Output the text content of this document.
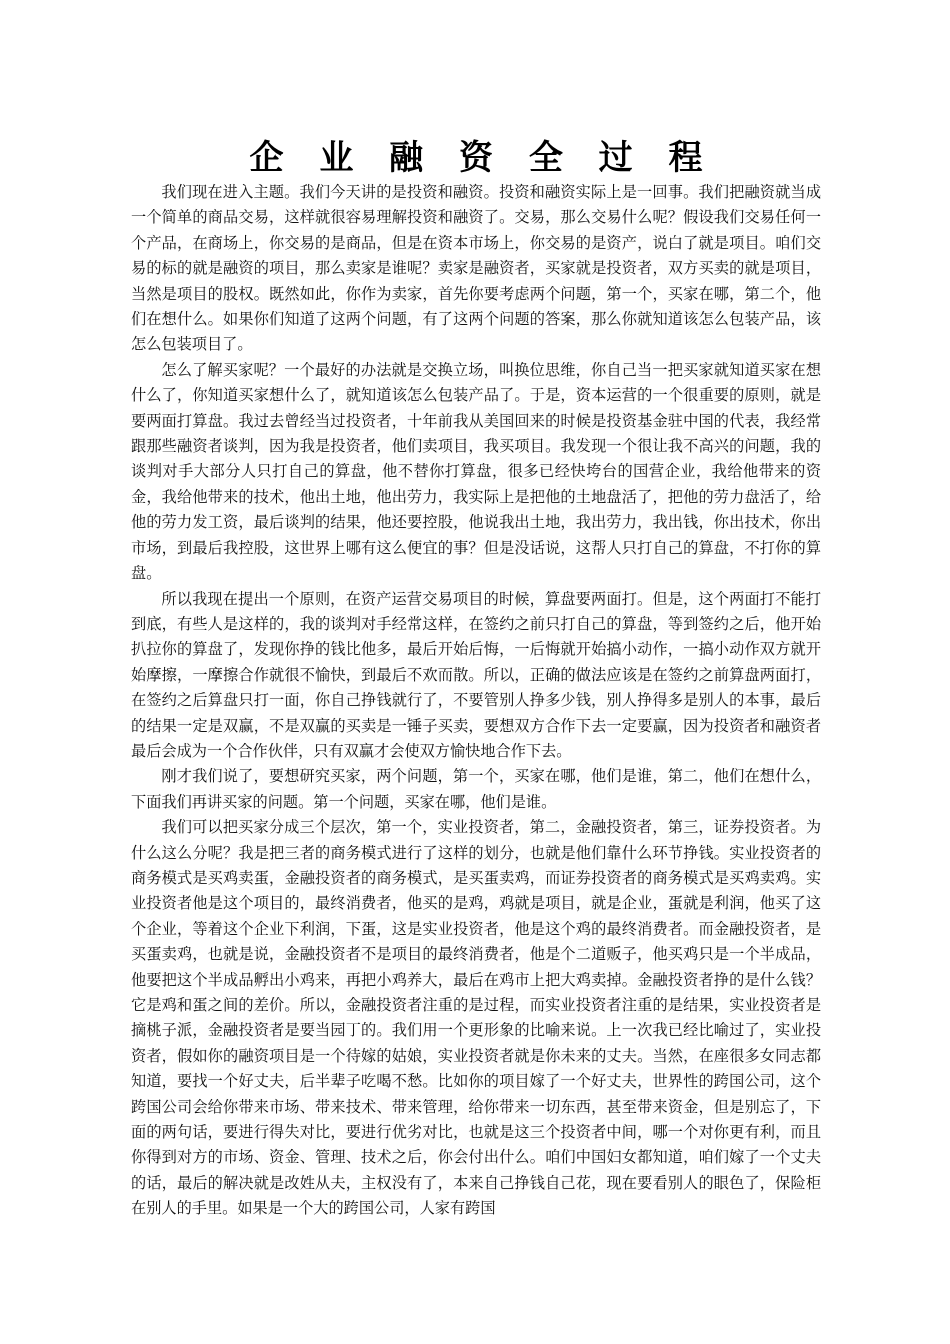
企 业 融 资 全 过 程

我们现在进入主题。我们今天讲的是投资和融资。投资和融资实际上是一回事。我们把融资就当成一个简单的商品交易，这样就很容易理解投资和融资了。交易，那么交易什么呢？假设我们交易任何一个产品，在商场上，你交易的是商品，但是在资本市场上，你交易的是资产，说白了就是项目。咱们交易的标的就是融资的项目，那么卖家是谁呢？卖家是融资者，买家就是投资者，双方买卖的就是项目，当然是项目的股权。既然如此，你作为卖家，首先你要考虑两个问题，第一个，买家在哪，第二个，他们在想什么。如果你们知道了这两个问题，有了这两个问题的答案，那么你就知道该怎么包装产品，该怎么包装项目了。

怎么了解买家呢？一个最好的办法就是交换立场，叫换位思维，你自己当一把买家就知道买家在想什么了，你知道买家想什么了，就知道该怎么包装产品了。于是，资本运营的一个很重要的原则，就是要两面打算盘。我过去曾经当过投资者，十年前我从美国回来的时候是投资基金驻中国的代表，我经常跟那些融资者谈判，因为我是投资者，他们卖项目，我买项目。我发现一个很让我不高兴的问题，我的谈判对手大部分人只打自己的算盘，他不替你打算盘，很多已经快垮台的国营企业，我给他带来的资金，我给他带来的技术，他出土地，他出劳力，我实际上是把他的土地盘活了，把他的劳力盘活了，给他的劳力发工资，最后谈判的结果，他还要控股，他说我出土地，我出劳力，我出钱，你出技术，你出市场，到最后我控股，这世界上哪有这么便宜的事？但是没话说，这帮人只打自己的算盘，不打你的算盘。

所以我现在提出一个原则，在资产运营交易项目的时候，算盘要两面打。但是，这个两面打不能打到底，有些人是这样的，我的谈判对手经常这样，在签约之前只打自己的算盘，等到签约之后，他开始扒拉你的算盘了，发现你挣的钱比他多，最后开始后悔，一后悔就开始搞小动作，一搞小动作双方就开始摩擦，一摩擦合作就很不愉快，到最后不欢而散。所以，正确的做法应该是在签约之前算盘两面打，在签约之后算盘只打一面，你自己挣钱就行了，不要管别人挣多少钱，别人挣得多是别人的本事，最后的结果一定是双赢，不是双赢的买卖是一锤子买卖，要想双方合作下去一定要赢，因为投资者和融资者最后会成为一个合作伙伴，只有双赢才会使双方愉快地合作下去。

刚才我们说了，要想研究买家，两个问题，第一个，买家在哪，他们是谁，第二，他们在想什么，下面我们再讲买家的问题。第一个问题，买家在哪，他们是谁。

我们可以把买家分成三个层次，第一个，实业投资者，第二，金融投资者，第三，证券投资者。为什么这么分呢？我是把三者的商务模式进行了这样的划分，也就是他们靠什么环节挣钱。实业投资者的商务模式是买鸡卖蛋，金融投资者的商务模式，是买蛋卖鸡，而证券投资者的商务模式是买鸡卖鸡。实业投资者他是这个项目的，最终消费者，他买的是鸡，鸡就是项目，就是企业，蛋就是利润，他买了这个企业，等着这个企业下利润，下蛋，这是实业投资者，他是这个鸡的最终消费者。而金融投资者，是买蛋卖鸡，也就是说，金融投资者不是项目的最终消费者，他是个二道贩子，他买鸡只是一个半成品，他要把这个半成品孵出小鸡来，再把小鸡养大，最后在鸡市上把大鸡卖掉。金融投资者挣的是什么钱？它是鸡和蛋之间的差价。所以，金融投资者注重的是过程，而实业投资者注重的是结果，实业投资者是摘桃子派，金融投资者是要当园丁的。我们用一个更形象的比喻来说。上一次我已经比喻过了，实业投资者，假如你的融资项目是一个待嫁的姑娘，实业投资者就是你未来的丈夫。当然，在座很多女同志都知道，要找一个好丈夫，后半辈子吃喝不愁。比如你的项目嫁了一个好丈夫，世界性的跨国公司，这个跨国公司会给你带来市场、带来技术、带来管理，给你带来一切东西，甚至带来资金，但是别忘了，下面的两句话，要进行得失对比，要进行优劣对比，也就是这三个投资者中间，哪一个对你更有利，而且你得到对方的市场、资金、管理、技术之后，你会付出什么。咱们中国妇女都知道，咱们嫁了一个丈夫的话，最后的解决就是改姓从夫，主权没有了，本来自己挣钱自己花，现在要看别人的眼色了，保险柜在别人的手里。如果是一个大的跨国公司，人家有跨国
